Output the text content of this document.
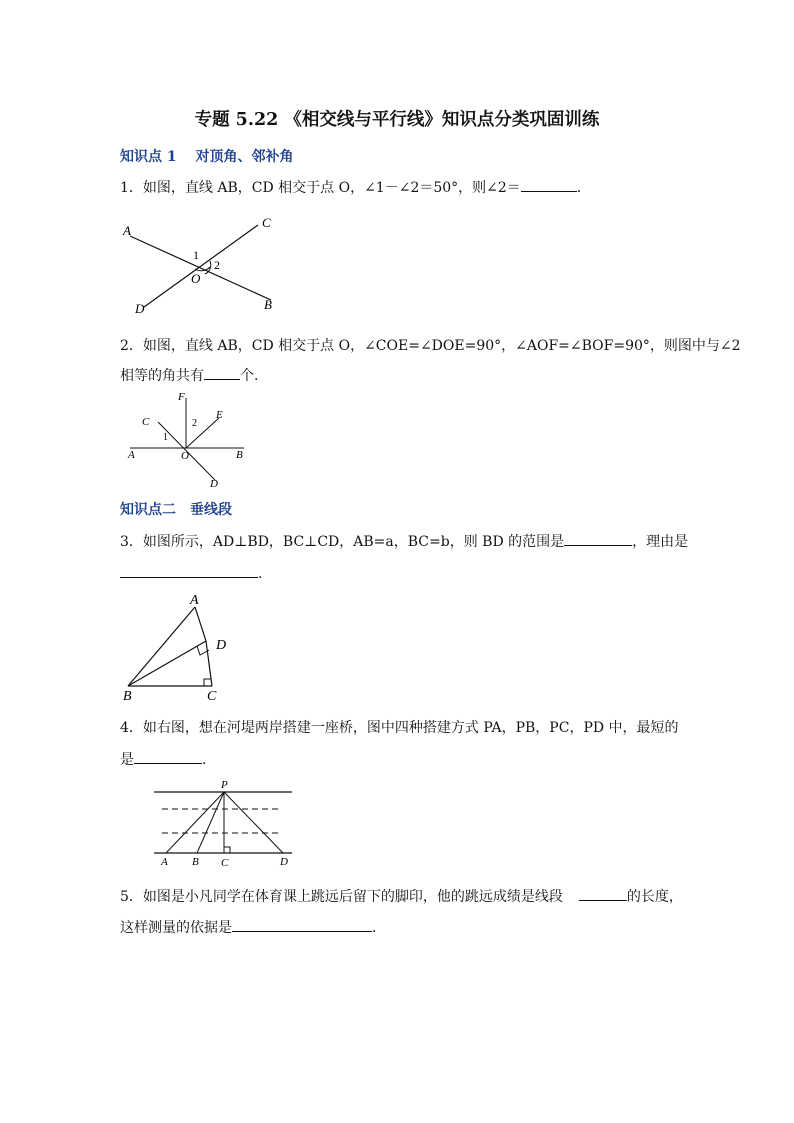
专题 5.22 《相交线与平行线》知识点分类巩固训练
知识点 1　 对顶角、邻补角
1．如图，直线 AB，CD 相交于点 O，∠1－∠2＝50°，则∠2＝	．
A
C
B
D
O
1
2
2．如图，直线 AB，CD 相交于点 O，∠COE=∠DOE=90°，∠AOF=∠BOF=90°，则图中与∠2
相等的角共有	个.
C
F
E
A	B
O
D
1
2
知识点二　垂线段
3．如图所示，AD⊥BD，BC⊥CD，AB=a，BC=b，则 BD 的范围是	，理由是
.
A
D
B	C
4．如右图，想在河堤两岸搭建一座桥，图中四种搭建方式 PA，PB，PC，PD 中，最短的
是	.
P
A B C	D
5．如图是小凡同学在体育课上跳远后留下的脚印，他的跳远成绩是线段	的长度，
这样测量的依据是	.
